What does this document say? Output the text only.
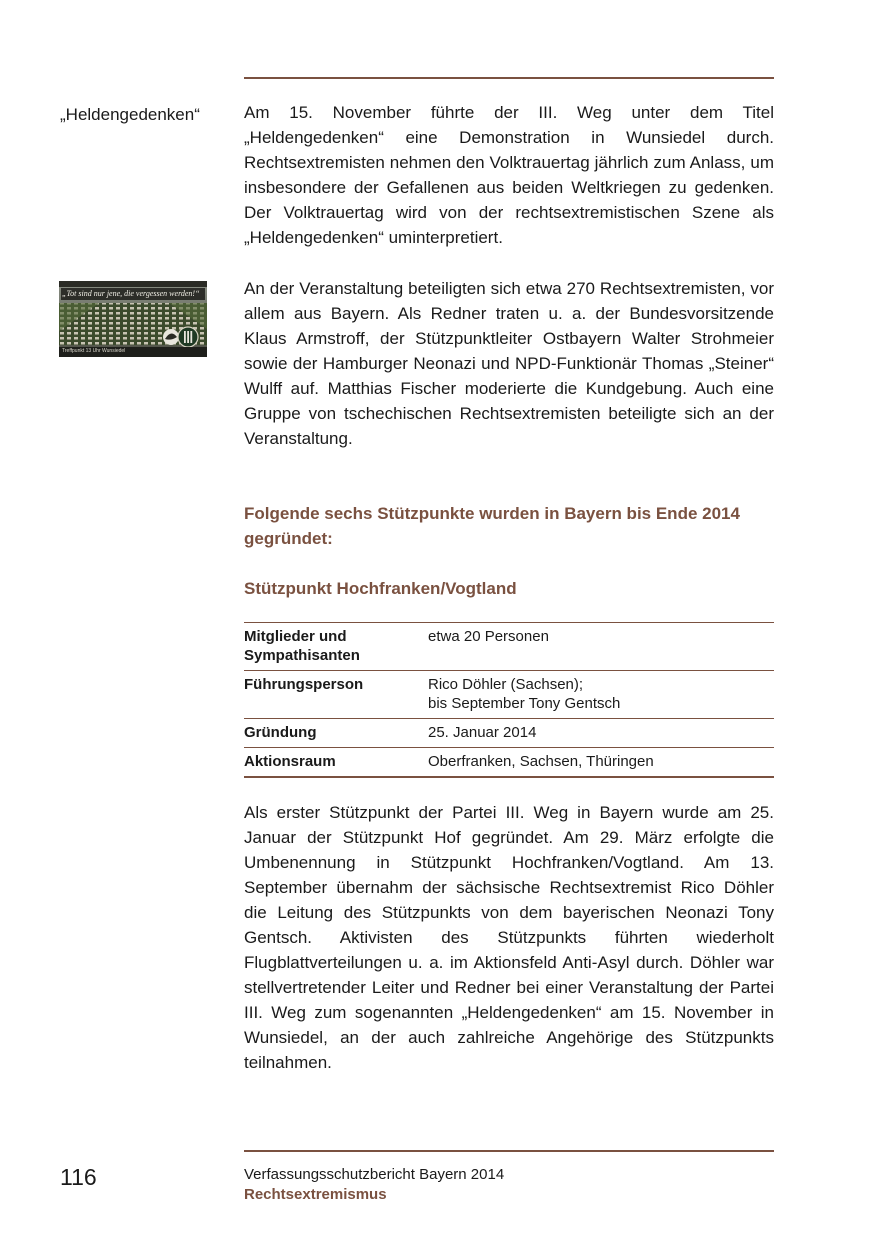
„Heldengedenken“	Am 15. November führte der III. Weg unter dem Titel „Heldengedenken“ eine Demonstration in Wunsiedel durch. Rechtsextremisten nehmen den Volktrauertag jährlich zum Anlass, um insbesondere der Gefallenen aus beiden Weltkriegen zu gedenken. Der Volktrauertag wird von der rechtsextremistischen Szene als „Heldengedenken“ uminterpretiert.

„Tot sind nur jene, die vergessen werden!“
Treffpunkt 13 Uhr Wunsiedel

An der Veranstaltung beteiligten sich etwa 270 Rechtsextremisten, vor allem aus Bayern. Als Redner traten u. a. der Bundesvorsitzende Klaus Armstroff, der Stützpunktleiter Ostbayern Walter Strohmeier sowie der Hamburger Neonazi und NPD-Funktionär Thomas „Steiner“ Wulff auf. Matthias Fischer moderierte die Kundgebung. Auch eine Gruppe von tschechischen Rechtsextremisten beteiligte sich an der Veranstaltung.

Folgende sechs Stützpunkte wurden in Bayern bis Ende 2014 gegründet:
Stützpunkt Hochfranken/Vogtland
Mitglieder und
Sympathisanten	etwa 20 Personen

Führungsperson	Rico Döhler (Sachsen);
bis September Tony Gentsch

Gründung	25. Januar 2014

Aktionsraum	Oberfranken, Sachsen, Thüringen

Als erster Stützpunkt der Partei III. Weg in Bayern wurde am 25. Januar der Stützpunkt Hof gegründet. Am 29. März erfolgte die Umbenennung in Stützpunkt Hochfranken/Vogtland. Am 13. September übernahm der sächsische Rechtsextremist Rico Döhler die Leitung des Stützpunkts von dem bayerischen Neonazi Tony Gentsch. Aktivisten des Stützpunkts führten wiederholt Flugblattverteilungen u. a. im Aktionsfeld Anti-Asyl durch. Döhler war stellvertretender Leiter und Redner bei einer Veranstaltung der Partei III. Weg zum sogenannten „Heldengedenken“ am 15. November in Wunsiedel, an der auch zahlreiche Angehörige des Stützpunkts teilnahmen.

116	Verfassungsschutzbericht Bayern 2014
Rechtsextremismus
